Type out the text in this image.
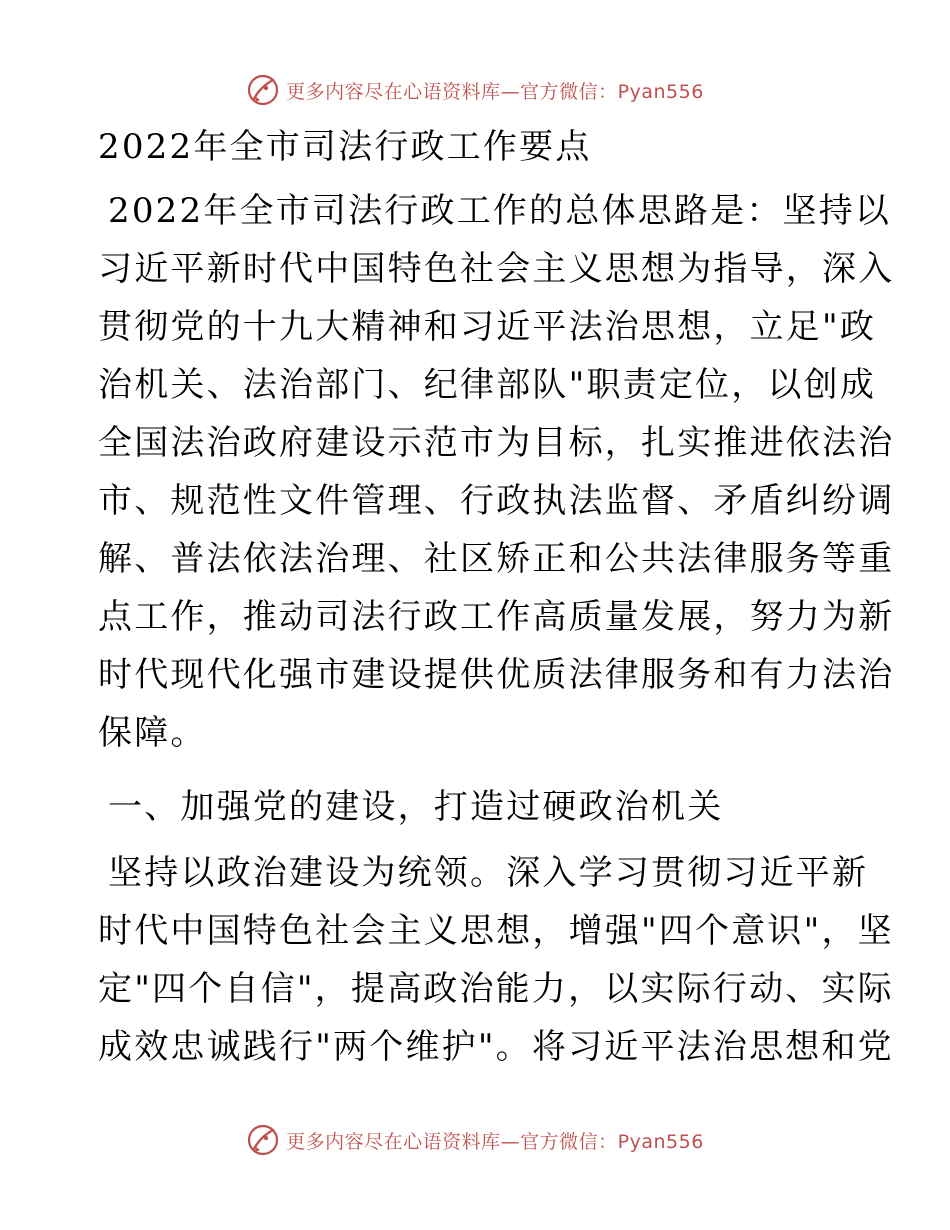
更多内容尽在心语资料库—官方微信：Pyan556
2022年全市司法行政工作要点
2022年全市司法行政工作的总体思路是：坚持以
习近平新时代中国特色社会主义思想为指导，深入
贯彻党的十九大精神和习近平法治思想，立足"政
治机关、法治部门、纪律部队"职责定位，以创成
全国法治政府建设示范市为目标，扎实推进依法治
市、规范性文件管理、行政执法监督、矛盾纠纷调
解、普法依法治理、社区矫正和公共法律服务等重
点工作，推动司法行政工作高质量发展，努力为新
时代现代化强市建设提供优质法律服务和有力法治
保障。
一、加强党的建设，打造过硬政治机关
坚持以政治建设为统领。深入学习贯彻习近平新
时代中国特色社会主义思想，增强"四个意识"，坚
定"四个自信"，提高政治能力，以实际行动、实际
成效忠诚践行"两个维护"。将习近平法治思想和党
更多内容尽在心语资料库—官方微信：Pyan556
